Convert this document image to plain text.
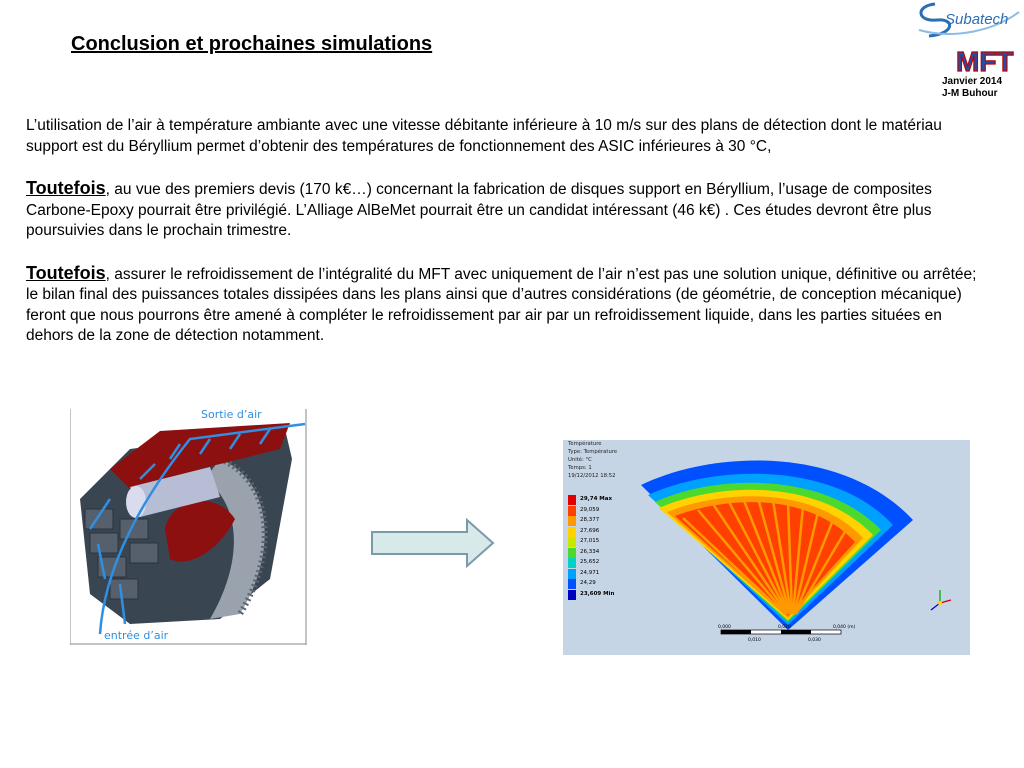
Conclusion et prochaines simulations
Subatech
MFT
Janvier 2014
J-M Buhour

L’utilisation de l’air à température ambiante avec une vitesse débitante inférieure à 10 m/s sur des plans de détection dont le matériau support est du Béryllium permet d’obtenir des températures de fonctionnement des ASIC inférieures à 30 °C,

Toutefois, au vue des premiers devis (170 k€…) concernant la fabrication de disques support en Béryllium, l’usage de composites Carbone-Epoxy pourrait être privilégié. L’Alliage AlBeMet pourrait être un candidat intéressant (46 k€) . Ces études devront être plus poursuivies dans le prochain trimestre.

Toutefois, assurer le refroidissement de l’intégralité du MFT avec uniquement de l’air n’est pas une solution unique, définitive ou arrêtée; le bilan final des puissances totales dissipées dans les plans ainsi que d’autres considérations (de géométrie, de conception mécanique) feront que nous pourrons être amené à compléter le refroidissement par air par un refroidissement liquide, dans les parties situées en dehors de la zone de détection notamment.

Sortie d’air
entrée d’air
Température
Type: Température
Unité: °C
Temps: 1
19/12/2012 18:52
29,74 Max
29,059
28,377
27,696
27,015
26,334
25,652
24,971
24,29
23,609 Min
0,000	0,020	0,040 (m)
0,010	0,030
